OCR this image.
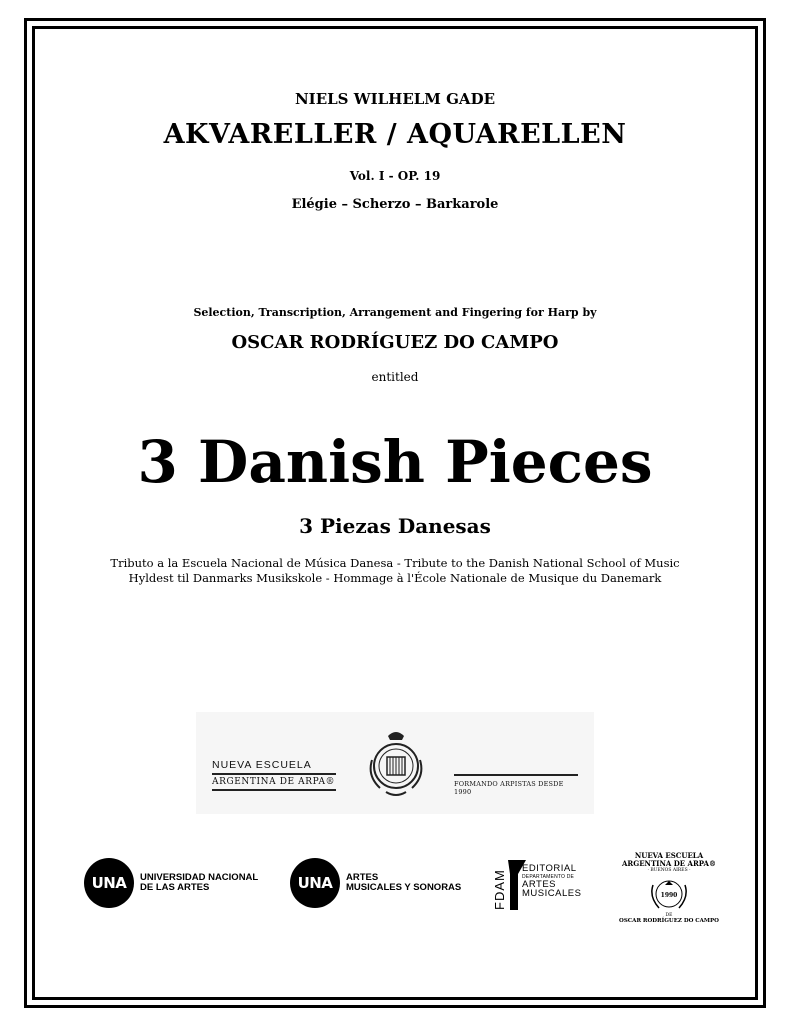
NIELS WILHELM GADE
AKVARELLER / AQUARELLEN
Vol. I - OP. 19
Elégie – Scherzo – Barkarole
Selection, Transcription, Arrangement and Fingering for Harp by
OSCAR RODRÍGUEZ DO CAMPO
entitled
3 Danish Pieces
3 Piezas Danesas
Tributo a la Escuela Nacional de Música Danesa - Tribute to the Danish National School of Music
Hyldest til Danmarks Musikskole - Hommage à l'École Nationale de Musique du Danemark
NUEVA ESCUELA
ARGENTINA DE ARPA®	FORMANDO ARPISTAS DESDE 1990
UNA	UNIVERSIDAD NACIONAL
DE LAS ARTES	UNA	ARTES
MUSICALES Y SONORAS FDAM
EDITORIAL
DEPARTAMENTO DE
ARTES
MUSICALES
NUEVA ESCUELA
ARGENTINA DE ARPA®
· BUENOS AIRES ·
1990
DE
OSCAR RODRÍGUEZ DO CAMPO
